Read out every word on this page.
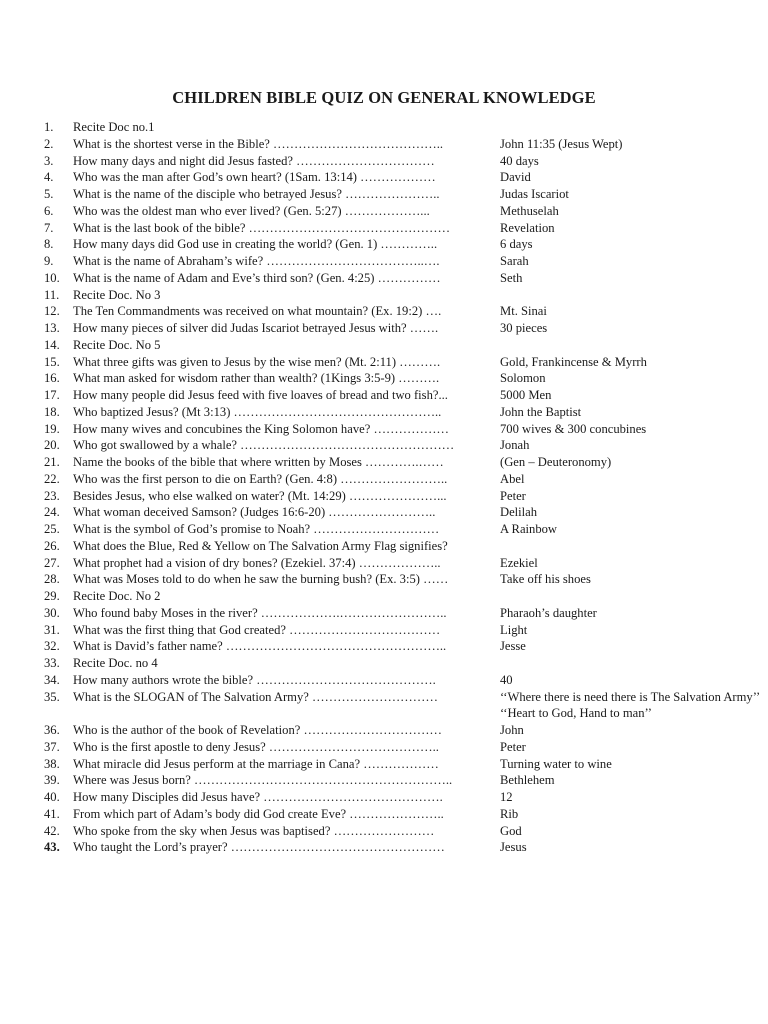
CHILDREN BIBLE QUIZ ON GENERAL KNOWLEDGE
1.	Recite Doc no.1
2.	What is the shortest verse in the Bible? …………………………………..	John 11:35 (Jesus Wept)
3.	How many days and night did Jesus fasted? ……………………………	40 days
4.	Who was the man after God’s own heart? (1Sam. 13:14) ………………	David
5.	What is the name of the disciple who betrayed Jesus? …………………..	Judas Iscariot
6.	Who was the oldest man who ever lived? (Gen. 5:27) ………………...	Methuselah
7.	What is the last book of the bible? …………………………………………	Revelation
8.	How many days did God use in creating the world? (Gen. 1) …………..	6 days
9.	What is the name of Abraham’s wife? ………………………………..….	Sarah
10.	What is the name of Adam and Eve’s third son? (Gen. 4:25) ……………	Seth
11.	Recite Doc. No 3
12.	The Ten Commandments was received on what mountain? (Ex. 19:2) ….	Mt. Sinai
13.	How many pieces of silver did Judas Iscariot betrayed Jesus with? …….	30 pieces
14.	Recite Doc. No 5
15.	What three gifts was given to Jesus by the wise men? (Mt. 2:11) ……….	Gold, Frankincense & Myrrh
16.	What man asked for wisdom rather than wealth? (1Kings 3:5-9) ……….	Solomon
17.	How many people did Jesus feed with five loaves of bread and two fish?...	5000 Men
18.	Who baptized Jesus? (Mt 3:13) …………………………………………..	John the Baptist
19.	How many wives and concubines the King Solomon have? ………………	700 wives & 300 concubines
20.	Who got swallowed by a whale? ……………………………………………	Jonah
21.	Name the books of the bible that where written by Moses ………….……	(Gen – Deuteronomy)
22.	Who was the first person to die on Earth? (Gen. 4:8) ……………………..	Abel
23.	Besides Jesus, who else walked on water? (Mt. 14:29) …………………...	Peter
24.	What woman deceived Samson? (Judges 16:6-20) ……………………..	Delilah
25.	What is the symbol of God’s promise to Noah? …………………………	A Rainbow
26.	What does the Blue, Red & Yellow on The Salvation Army Flag signifies?
27.	What prophet had a vision of dry bones? (Ezekiel. 37:4) ………………..	Ezekiel
28.	What was Moses told to do when he saw the burning bush? (Ex. 3:5) ……	Take off his shoes
29.	Recite Doc. No 2
30.	Who found baby Moses in the river? ……………….……………………..	Pharaoh’s daughter
31.	What was the first thing that God created? ………………………………	Light
32.	What is David’s father name? ……………………………………………..	Jesse
33.	Recite Doc. no 4
34.	How many authors wrote the bible? …………………………………….	40
35.	What is the SLOGAN of The Salvation Army? …………………………	‘‘Where there is need there is The Salvation Army’’ ‘‘Heart to God, Hand to man’’
36.	Who is the author of the book of Revelation? ……………………………	John
37.	Who is the first apostle to deny Jesus? …………………………………..	Peter
38.	What miracle did Jesus perform at the marriage in Cana? ………………	Turning water to wine
39.	Where was Jesus born? ……………………………………………………..	Bethlehem
40.	How many Disciples did Jesus have? …………………………………….	12
41.	From which part of Adam’s body did God create Eve? …………………..	Rib
42.	Who spoke from the sky when Jesus was baptised? ……………………	God
43.	Who taught the Lord’s prayer? ……………………………………………	Jesus
